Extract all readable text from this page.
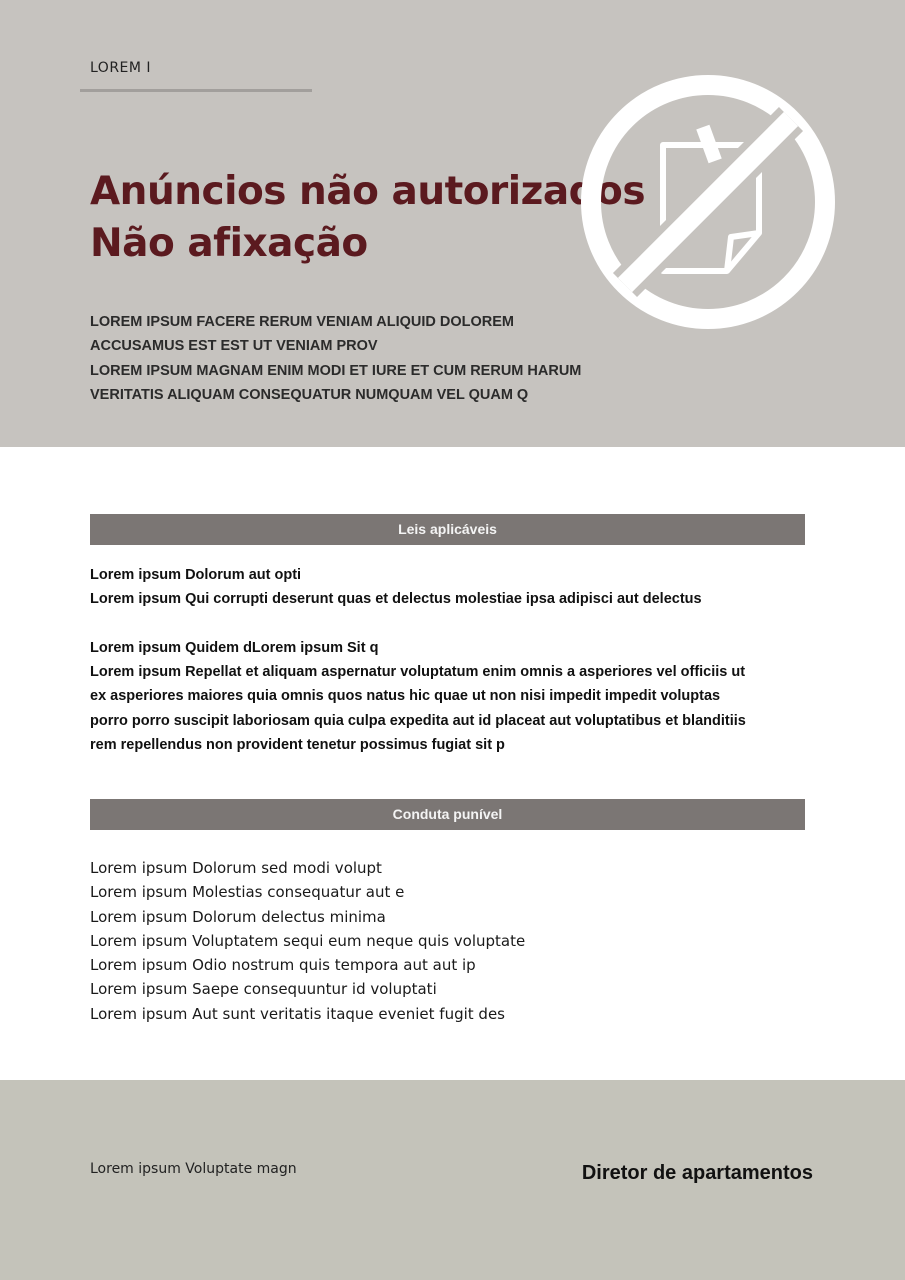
LOREM I
Anúncios não autorizados
Não afixação
LOREM IPSUM FACERE RERUM VENIAM ALIQUID DOLOREM
ACCUSAMUS EST EST UT VENIAM PROV
LOREM IPSUM MAGNAM ENIM MODI ET IURE ET CUM RERUM HARUM
VERITATIS ALIQUAM CONSEQUATUR NUMQUAM VEL QUAM Q
Leis aplicáveis
Lorem ipsum Dolorum aut opti
Lorem ipsum Qui corrupti deserunt quas et delectus molestiae ipsa adipisci aut delectus
Lorem ipsum Quidem dLorem ipsum Sit q
Lorem ipsum Repellat et aliquam aspernatur voluptatum enim omnis a asperiores vel officiis ut
ex asperiores maiores quia omnis quos natus hic quae ut non nisi impedit impedit voluptas
porro porro suscipit laboriosam quia culpa expedita aut id placeat aut voluptatibus et blanditiis
rem repellendus non provident tenetur possimus fugiat sit p
Conduta punível
Lorem ipsum Dolorum sed modi volupt
Lorem ipsum Molestias consequatur aut e
Lorem ipsum Dolorum delectus minima
Lorem ipsum Voluptatem sequi eum neque quis voluptate
Lorem ipsum Odio nostrum quis tempora aut aut ip
Lorem ipsum Saepe consequuntur id voluptati
Lorem ipsum Aut sunt veritatis itaque eveniet fugit des
Lorem ipsum Voluptate magn	Diretor de apartamentos
